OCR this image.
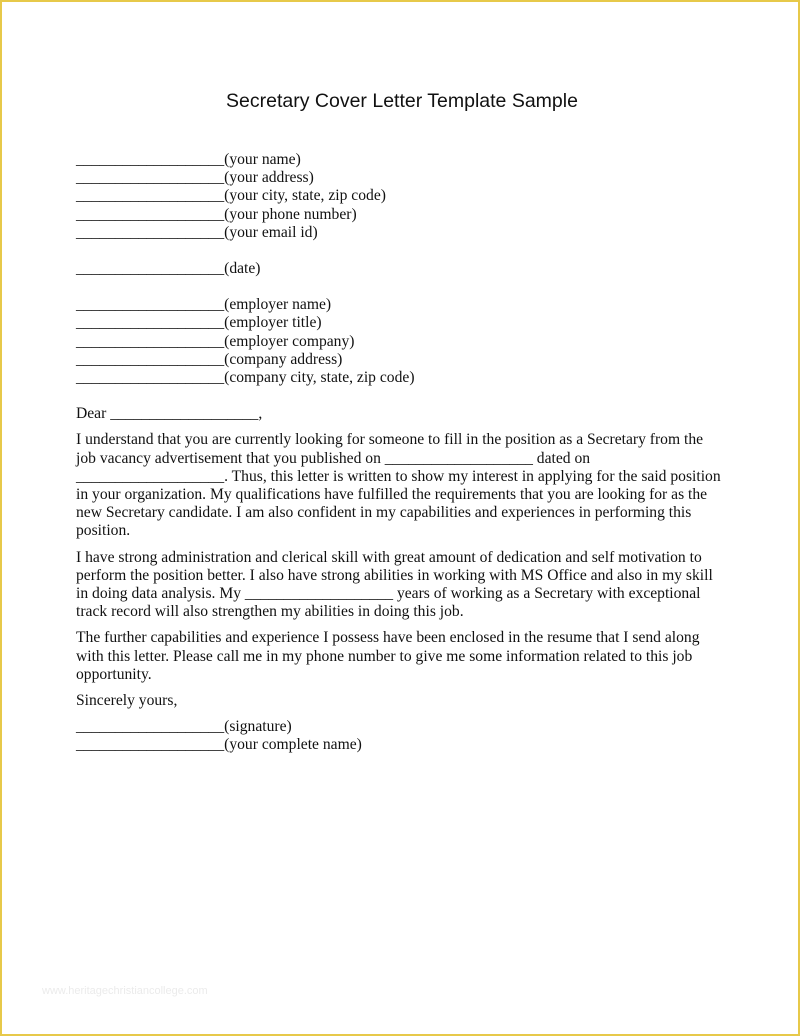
Secretary Cover Letter Template Sample
___________________(your name)
___________________(your address)
___________________(your city, state, zip code)
___________________(your phone number)
___________________(your email id)
___________________(date)
___________________(employer name)
___________________(employer title)
___________________(employer company)
___________________(company address)
___________________(company city, state, zip code)
Dear ___________________,
I understand that you are currently looking for someone to fill in the position as a Secretary from the
job vacancy advertisement that you published on ___________________ dated on
___________________. Thus, this letter is written to show my interest in applying for the said position
in your organization. My qualifications have fulfilled the requirements that you are looking for as the
new Secretary candidate. I am also confident in my capabilities and experiences in performing this
position.
I have strong administration and clerical skill with great amount of dedication and self motivation to
perform the position better. I also have strong abilities in working with MS Office and also in my skill
in doing data analysis. My ___________________ years of working as a Secretary with exceptional
track record will also strengthen my abilities in doing this job.
The further capabilities and experience I possess have been enclosed in the resume that I send along
with this letter. Please call me in my phone number to give me some information related to this job
opportunity.
Sincerely yours,
___________________(signature)
___________________(your complete name)
www.heritagechristiancollege.com
